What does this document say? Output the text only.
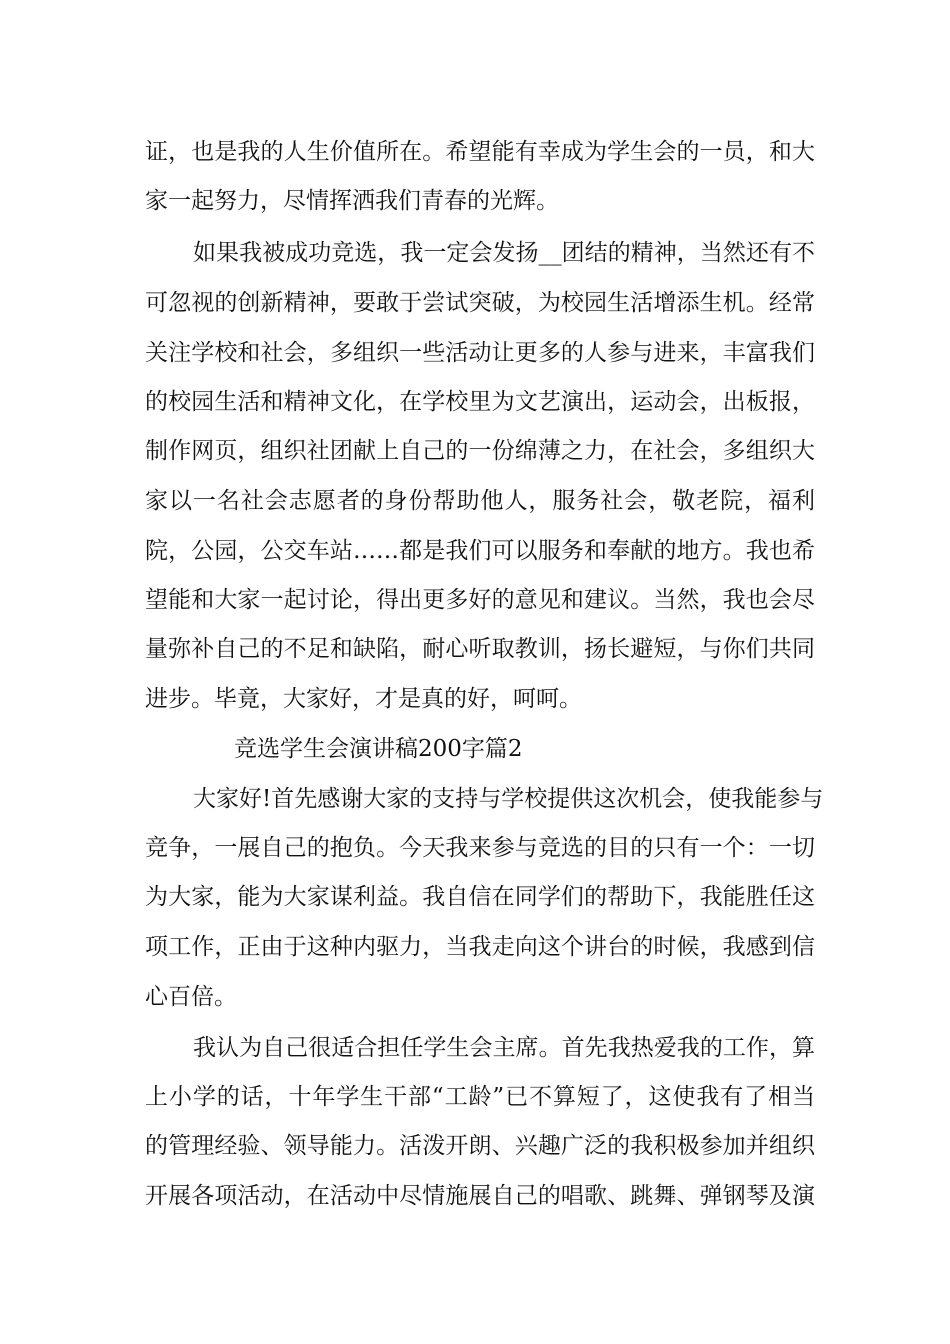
证，也是我的人生价值所在。希望能有幸成为学生会的一员，和大
家一起努力，尽情挥洒我们青春的光辉。
如果我被成功竞选，我一定会发扬__团结的精神，当然还有不
可忽视的创新精神，要敢于尝试突破，为校园生活增添生机。经常
关注学校和社会，多组织一些活动让更多的人参与进来，丰富我们
的校园生活和精神文化，在学校里为文艺演出，运动会，出板报，
制作网页，组织社团献上自己的一份绵薄之力，在社会，多组织大
家以一名社会志愿者的身份帮助他人，服务社会，敬老院，福利
院，公园，公交车站……都是我们可以服务和奉献的地方。我也希
望能和大家一起讨论，得出更多好的意见和建议。当然，我也会尽
量弥补自己的不足和缺陷，耐心听取教训，扬长避短，与你们共同
进步。毕竟，大家好，才是真的好，呵呵。
竞选学生会演讲稿200字篇2
大家好!首先感谢大家的支持与学校提供这次机会，使我能参与
竞争，一展自己的抱负。今天我来参与竞选的目的只有一个：一切
为大家，能为大家谋利益。我自信在同学们的帮助下，我能胜任这
项工作，正由于这种内驱力，当我走向这个讲台的时候，我感到信
心百倍。
我认为自己很适合担任学生会主席。首先我热爱我的工作，算
上小学的话，十年学生干部“工龄”已不算短了，这使我有了相当
的管理经验、领导能力。活泼开朗、兴趣广泛的我积极参加并组织
开展各项活动，在活动中尽情施展自己的唱歌、跳舞、弹钢琴及演
